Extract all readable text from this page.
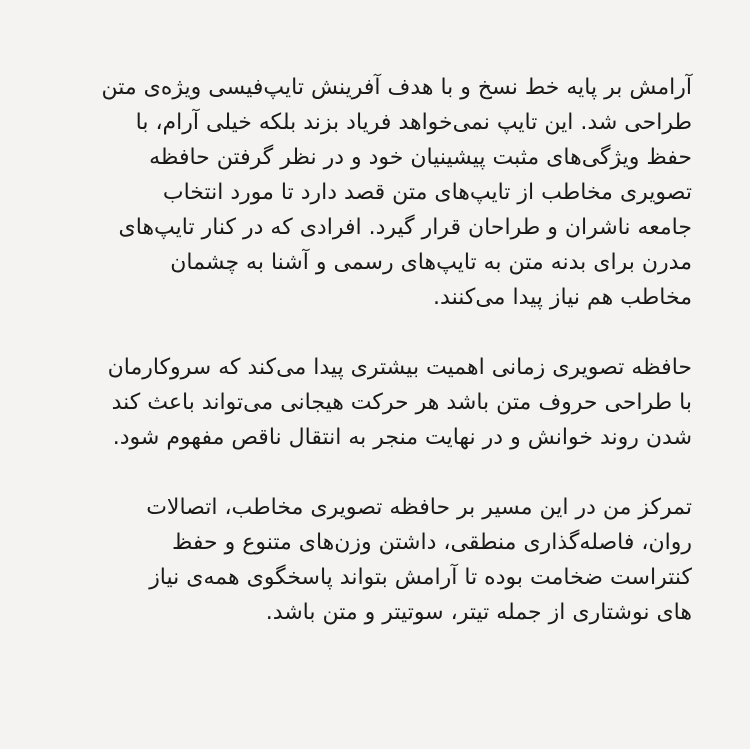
آرامش بر پایه خط نسخ و با هدف آفرینش تایپ‌فیسی ویژه‌ی متن
طراحی شد. این تایپ نمی‌خواهد فریاد بزند بلکه خیلی آرام، با
حفظ ویژگی‌های مثبت پیشینیان خود و در نظر گرفتن حافظه
تصویری مخاطب از تایپ‌های متن قصد دارد تا مورد انتخاب
جامعه ناشران و طراحان قرار گیرد. افرادی که در کنار تایپ‌های
مدرن برای بدنه متن به تایپ‌های رسمی و آشنا به چشمان
مخاطب هم نیاز پیدا می‌کنند.

حافظه تصویری زمانی اهمیت بیشتری پیدا می‌کند که سروکارمان
با طراحی حروف متن باشد هر حرکت هیجانی می‌تواند باعث کند
شدن روند خوانش و در نهایت منجر به انتقال ناقص مفهوم شود.

تمرکز من در این مسیر بر حافظه تصویری مخاطب، اتصالات
روان، فاصله‌گذاری منطقی، داشتن وزن‌های متنوع و حفظ
کنتراست ضخامت بوده تا آرامش بتواند پاسخگوی همه‌ی نیاز
های نوشتاری از جمله تیتر، سوتیتر و متن باشد.
